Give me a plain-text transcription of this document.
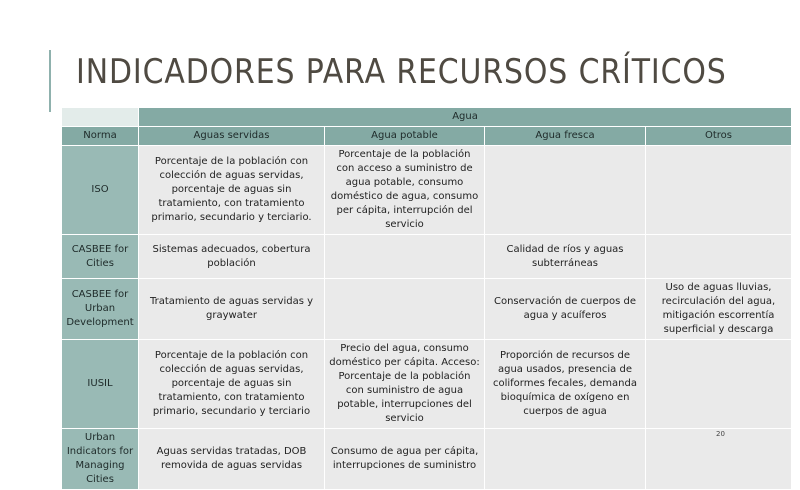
INDICADORES PARA RECURSOS CRÍTICOS
	Agua			
Norma	Aguas servidas	Agua potable	Agua fresca	Otros
ISO	Porcentaje de la población con colección de aguas servidas, porcentaje de aguas sin tratamiento, con tratamiento primario, secundario y terciario.	Porcentaje de la población con acceso a suministro de agua potable, consumo doméstico de agua, consumo per cápita, interrupción del servicio		
CASBEE for Cities	Sistemas adecuados, cobertura población		Calidad de ríos y aguas subterráneas	
CASBEE for Urban Development	Tratamiento de aguas servidas y graywater		Conservación de cuerpos de agua y acuíferos	Uso de aguas lluvias, recirculación del agua, mitigación escorrentía superficial y descarga
IUSIL	Porcentaje de la población con colección de aguas servidas, porcentaje de aguas sin tratamiento, con tratamiento primario, secundario y terciario	Precio del agua, consumo doméstico per cápita. Acceso: Porcentaje de la población con suministro de agua potable, interrupciones del servicio	Proporción de recursos de agua usados, presencia de coliformes fecales, demanda bioquímica de oxígeno en cuerpos de agua	
Urban Indicators for Managing Cities	Aguas servidas tratadas, DOB removida de aguas servidas	Consumo de agua per cápita, interrupciones de suministro		
20
